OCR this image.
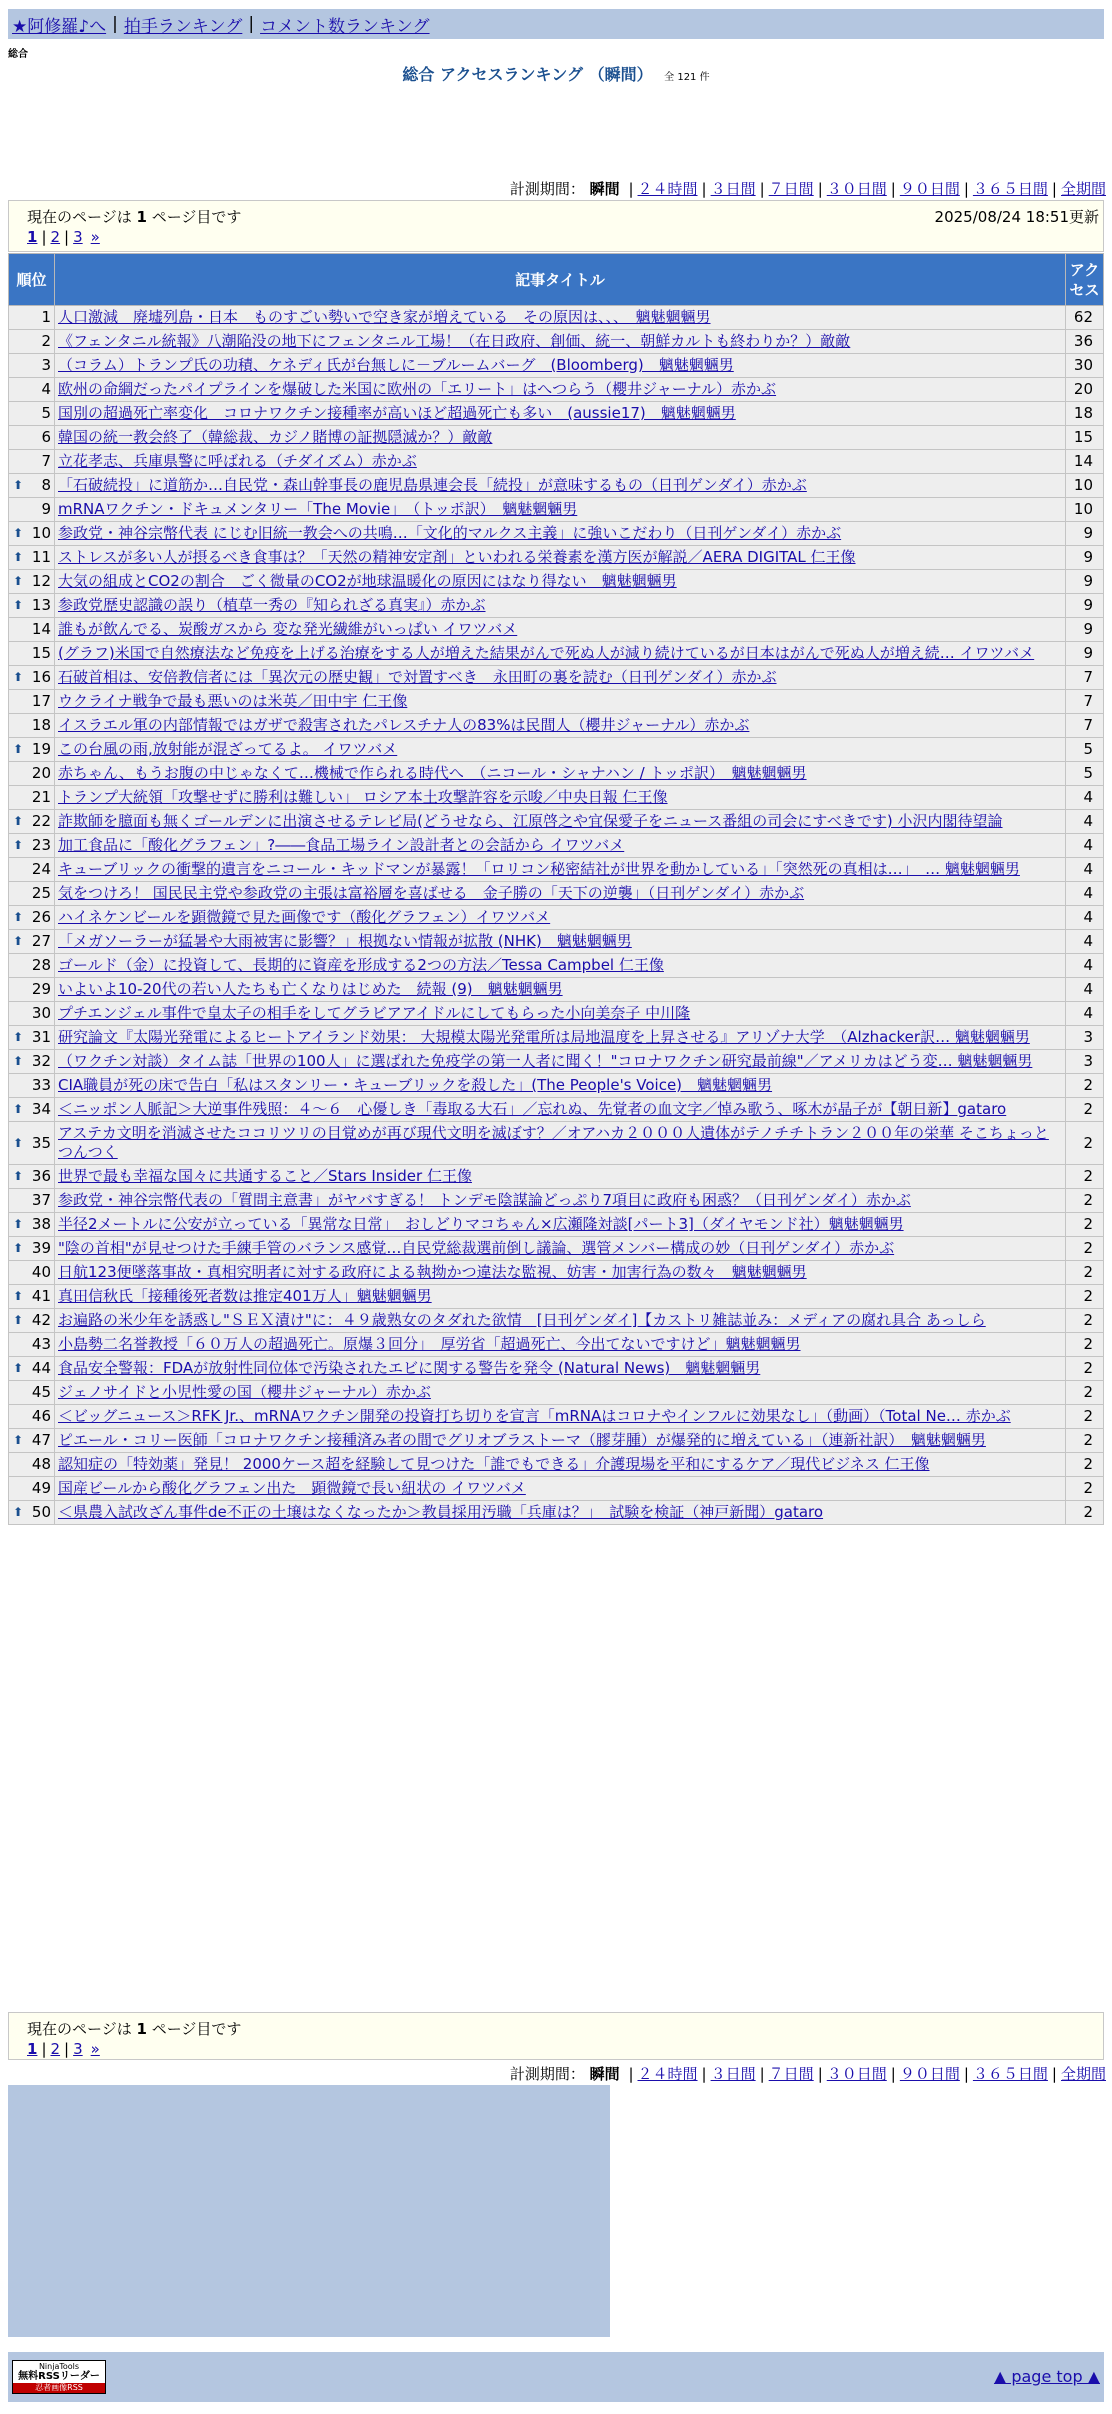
★阿修羅♪へ | 拍手ランキング | コメント数ランキング
総合
総合 アクセスランキング （瞬間） 全 121 件
計測期間： 瞬間 | ２４時間 | ３日間 | ７日間 | ３０日間 | ９０日間 | ３６５日間 | 全期間
現在のページは 1 ページ目です	2025/08/24 18:51更新
1 | 2 | 3 »
順位	記事タイトル	アクセス
1	人口激減　廃墟列島・日本　ものすごい勢いで空き家が増えている　その原因は、、、　魑魅魍魎男	62
2	《フェンタニル統報》八潮陥没の地下にフェンタニル工場！（在日政府、創価、統一、朝鮮カルトも終わりか？）敵敵	36
3	（コラム）トランプ氏の功積、ケネディ氏が台無しに－ブルームバーグ　(Bloomberg)　魑魅魍魎男	30
4	欧州の命綱だったパイプラインを爆破した米国に欧州の「エリート」はへつらう（櫻井ジャーナル）赤かぶ	20
5	国別の超過死亡率変化　コロナワクチン接種率が高いほど超過死亡も多い　(aussie17)　魑魅魍魎男	18
6	韓国の統一教会終了（韓総裁、カジノ賭博の証拠隠滅か？）敵敵	15
7	立花孝志、兵庫県警に呼ばれる（チダイズム）赤かぶ	14

⬆ 8	「石破続投」に道筋か…自民党・森山幹事長の鹿児島県連会長「続投」が意味するもの（日刊ゲンダイ）赤かぶ	10
9	mRNAワクチン・ドキュメンタリー「The Movie」　（トッポ訳）　魑魅魍魎男	10

⬆ 10	参政党・神谷宗幣代表 にじむ旧統一教会への共鳴…「文化的マルクス主義」に強いこだわり（日刊ゲンダイ）赤かぶ	9

⬆ 11	ストレスが多い人が摂るべき食事は？「天然の精神安定剤」といわれる栄養素を漢方医が解説／AERA DIGITAL 仁王像	9

⬆ 12	大気の組成とCO2の割合　ごく微量のCO2が地球温暖化の原因にはなり得ない　魑魅魍魎男	9

⬆ 13	参政党歴史認識の誤り（植草一秀の『知られざる真実』）赤かぶ	9
14	誰もが飲んでる、炭酸ガスから 変な発光繊維がいっぱい イワツバメ	9
15	(グラフ)米国で自然療法など免疫を上げる治療をする人が増えた結果がんで死ぬ人が減り続けているが日本はがんで死ぬ人が増え続… イワツバメ	9

⬆ 16	石破首相は、安倍教信者には「異次元の歴史観」で対置すべき　永田町の裏を読む（日刊ゲンダイ）赤かぶ	7
17	ウクライナ戦争で最も悪いのは米英／田中宇 仁王像	7
18	イスラエル軍の内部情報ではガザで殺害されたパレスチナ人の83%は民間人（櫻井ジャーナル）赤かぶ	7

⬆ 19	この台風の雨,放射能が混ざってるよ。 イワツバメ	5
20	赤ちゃん、もうお腹の中じゃなくて…機械で作られる時代へ　（ニコール・シャナハン / トッポ訳）　魑魅魍魎男	5
21	トランプ大統領「攻撃せずに勝利は難しい」 ロシア本土攻撃許容を示唆／中央日報 仁王像	4

⬆ 22	詐欺師を臆面も無くゴールデンに出演させるテレビ局(どうせなら、江原啓之や宜保愛子をニュース番組の司会にすべきです) 小沢内閣待望論	4

⬆ 23	加工食品に「酸化グラフェン」?――食品工場ライン設計者との会話から イワツバメ	4
24	キューブリックの衝撃的遺言をニコール・キッドマンが暴露！「ロリコン秘密結社が世界を動かしている」「突然死の真相は…」　… 魑魅魍魎男	4
25	気をつけろ！ 国民民主党や参政党の主張は富裕層を喜ばせる　金子勝の「天下の逆襲」（日刊ゲンダイ）赤かぶ	4

⬆ 26	ハイネケンビールを顕微鏡で見た画像です（酸化グラフェン）イワツバメ	4

⬆ 27	「メガソーラーが猛暑や大雨被害に影響？」根拠ない情報が拡散 (NHK)　魑魅魍魎男	4
28	ゴールド（金）に投資して、長期的に資産を形成する2つの方法／Tessa Campbel 仁王像	4
29	いよいよ10-20代の若い人たちも亡くなりはじめた　続報 (9)　魑魅魍魎男	4
30	プチエンジェル事件で皇太子の相手をしてグラビアアイドルにしてもらった小向美奈子 中川隆	4

⬆ 31	研究論文『太陽光発電によるヒートアイランド効果： 大規模太陽光発電所は局地温度を上昇させる』アリゾナ大学　（Alzhacker訳… 魑魅魍魎男	3

⬆ 32	（ワクチン対談）タイム誌「世界の100人」に選ばれた免疫学の第一人者に聞く！"コロナワクチン研究最前線"／アメリカはどう変… 魑魅魍魎男	3
33	CIA職員が死の床で告白「私はスタンリー・キューブリックを殺した」(The People's Voice)　魑魅魍魎男	2

⬆ 34	＜ニッポン人脈記＞大逆事件残照：４～６　心優しき「毒取る大石」／忘れぬ、先覚者の血文字／悼み歌う、啄木が晶子が【朝日新】gataro	2

⬆ 35	アステカ文明を消滅させたココリツリの目覚めが再び現代文明を滅ぼす？／オアハカ２０００人遺体がテノチチトラン２００年の栄華 そこちょっとつんつく	2

⬆ 36	世界で最も幸福な国々に共通すること／Stars Insider 仁王像	2
37	参政党・神谷宗幣代表の「質問主意書」がヤバすぎる！ トンデモ陰謀論どっぷり7項目に政府も困惑？（日刊ゲンダイ）赤かぶ	2

⬆ 38	半径2メートルに公安が立っている「異常な日常」　おしどりマコちゃん×広瀬隆対談[パート3]（ダイヤモンド社）魑魅魍魎男	2

⬆ 39	"陰の首相"が見せつけた手練手管のバランス感覚…自民党総裁選前倒し議論、選管メンバー構成の妙（日刊ゲンダイ）赤かぶ	2
40	日航123便墜落事故・真相究明者に対する政府による執拗かつ違法な監視、妨害・加害行為の数々　魑魅魍魎男	2

⬆ 41	真田信秋氏「接種後死者数は推定401万人」魑魅魍魎男	2

⬆ 42	お遍路の米少年を誘惑し"ＳＥＸ漬け"に：４９歳熟女のタダれた欲情　[日刊ゲンダイ]【カストリ雑誌並み：メディアの腐れ具合 あっしら	2
43	小島勢二名誉教授「６０万人の超過死亡。原爆３回分」　厚労省「超過死亡、今出てないですけど」魑魅魍魎男	2

⬆ 44	食品安全警報：FDAが放射性同位体で汚染されたエビに関する警告を発令 (Natural News)　魑魅魍魎男	2
45	ジェノサイドと小児性愛の国（櫻井ジャーナル）赤かぶ	2
46	＜ビッグニュース＞RFK Jr.、mRNAワクチン開発の投資打ち切りを宣言「mRNAはコロナやインフルに効果なし」（動画）（Total Ne… 赤かぶ	2

⬆ 47	ピエール・コリー医師「コロナワクチン接種済み者の間でグリオブラストーマ（膠芽腫）が爆発的に増えている」（連新社訳）　魑魅魍魎男	2
48	認知症の「特効薬」発見！ 2000ケース超を経験して見つけた「誰でもできる」介護現場を平和にするケア／現代ビジネス 仁王像	2
49	国産ビールから酸化グラフェン出た　顕微鏡で長い紐状の イワツバメ	2

⬆ 50	＜県農入試改ざん事件de不正の土壌はなくなったか＞教員採用汚職「兵庫は？」　試験を検証（神戸新聞）gataro	2
現在のページは 1 ページ目です
1 | 2 | 3 »
計測期間： 瞬間 | ２４時間 | ３日間 | ７日間 | ３０日間 | ９０日間 | ３６５日間 | 全期間
NinjaTools
無料RSSリーダー
忍者画像RSS
▲ page top ▲
